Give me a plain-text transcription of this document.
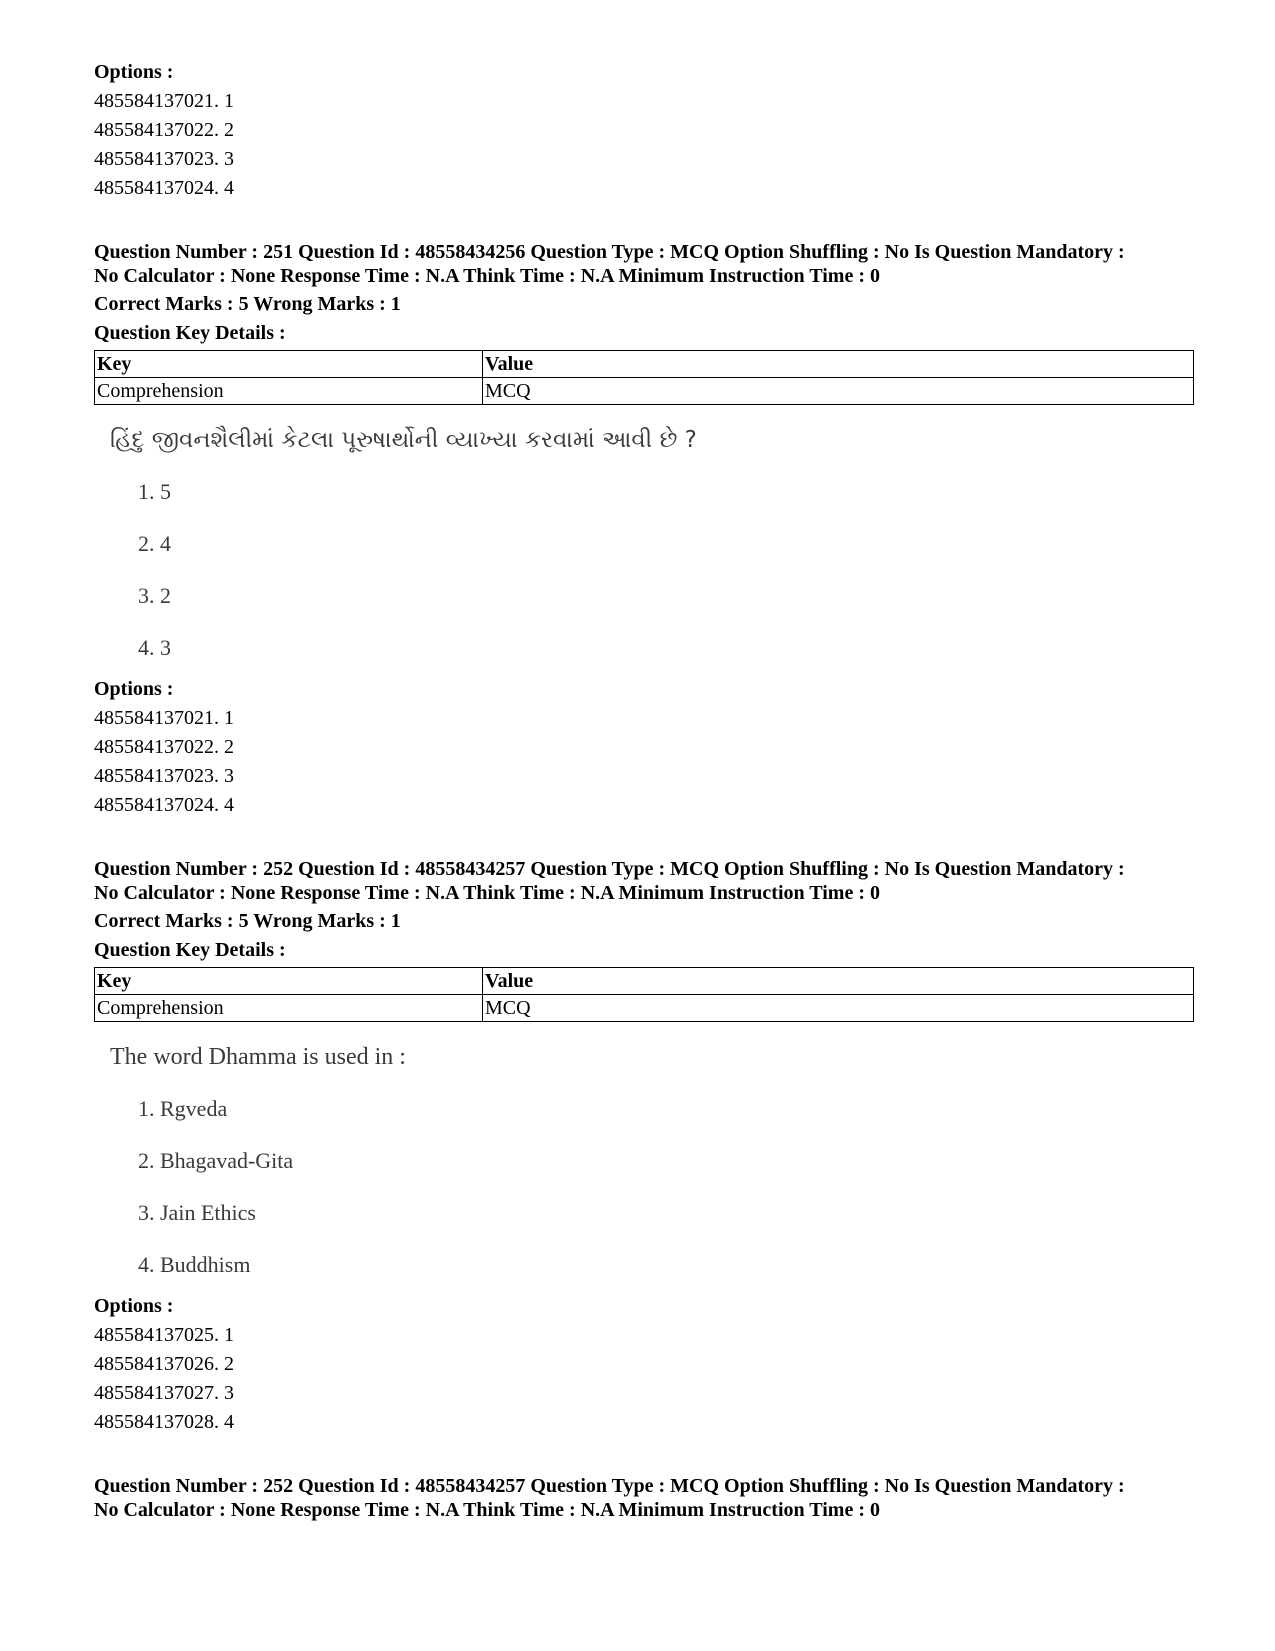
Options :
485584137021. 1
485584137022. 2
485584137023. 3
485584137024. 4
Question Number : 251 Question Id : 48558434256 Question Type : MCQ Option Shuffling : No Is Question Mandatory :
No Calculator : None Response Time : N.A Think Time : N.A Minimum Instruction Time : 0
Correct Marks : 5 Wrong Marks : 1
Question Key Details :
Key	Value
Comprehension	MCQ
હિંદુ જીવનશૈલીમાં કેટલા પૂરુષાર્થોની વ્યાખ્યા કરવામાં આવી છે ?
1. 5
2. 4
3. 2
4. 3
Options :
485584137021. 1
485584137022. 2
485584137023. 3
485584137024. 4
Question Number : 252 Question Id : 48558434257 Question Type : MCQ Option Shuffling : No Is Question Mandatory :
No Calculator : None Response Time : N.A Think Time : N.A Minimum Instruction Time : 0
Correct Marks : 5 Wrong Marks : 1
Question Key Details :
Key	Value
Comprehension	MCQ
The word Dhamma is used in :
1. Rgveda
2. Bhagavad-Gita
3. Jain Ethics
4. Buddhism
Options :
485584137025. 1
485584137026. 2
485584137027. 3
485584137028. 4
Question Number : 252 Question Id : 48558434257 Question Type : MCQ Option Shuffling : No Is Question Mandatory :
No Calculator : None Response Time : N.A Think Time : N.A Minimum Instruction Time : 0
